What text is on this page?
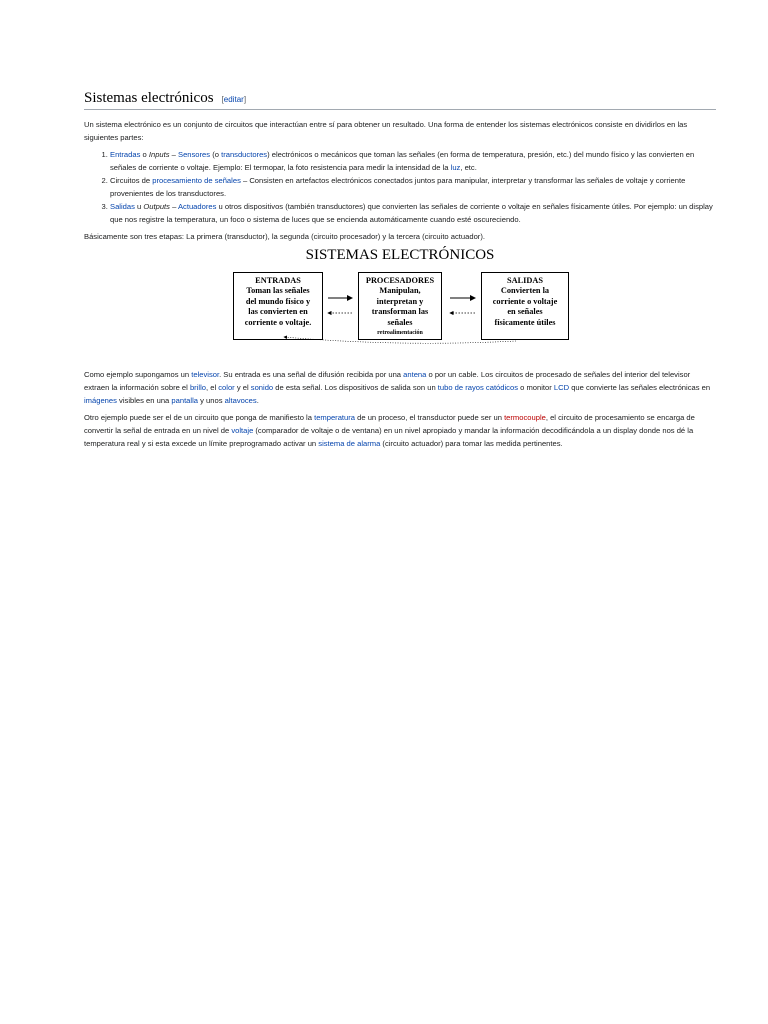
Sistemas electrónicos [editar]

Un sistema electrónico es un conjunto de circuitos que interactúan entre sí para obtener un resultado. Una forma de entender los sistemas electrónicos consiste en dividirlos en las siguientes partes:

1. Entradas o Inputs – Sensores (o transductores) electrónicos o mecánicos que toman las señales (en forma de temperatura, presión, etc.) del mundo físico y las convierten en señales de corriente o voltaje. Ejemplo: El termopar, la foto resistencia para medir la intensidad de la luz, etc.
2. Circuitos de procesamiento de señales – Consisten en artefactos electrónicos conectados juntos para manipular, interpretar y transformar las señales de voltaje y corriente provenientes de los transductores.
3. Salidas u Outputs – Actuadores u otros dispositivos (también transductores) que convierten las señales de corriente o voltaje en señales físicamente útiles. Por ejemplo: un display que nos registre la temperatura, un foco o sistema de luces que se encienda automáticamente cuando esté oscureciendo.

Básicamente son tres etapas: La primera (transductor), la segunda (circuito procesador) y la tercera (circuito actuador).

SISTEMAS ELECTRÓNICOS
ENTRADAS
Toman las señales
del mundo físico y
las convierten en
corriente o voltaje.
PROCESADORES
Manipulan,
interpretan y
transforman las
señales
SALIDAS
Convierten la
corriente o voltaje
en señales
físicamente útiles
retroalimentación

Como ejemplo supongamos un televisor. Su entrada es una señal de difusión recibida por una antena o por un cable. Los circuitos de procesado de señales del interior del televisor extraen la información sobre el brillo, el color y el sonido de esta señal. Los dispositivos de salida son un tubo de rayos catódicos o monitor LCD que convierte las señales electrónicas en imágenes visibles en una pantalla y unos altavoces.

Otro ejemplo puede ser el de un circuito que ponga de manifiesto la temperatura de un proceso, el transductor puede ser un termocouple, el circuito de procesamiento se encarga de convertir la señal de entrada en un nivel de voltaje (comparador de voltaje o de ventana) en un nivel apropiado y mandar la información decodificándola a un display donde nos dé la temperatura real y si esta excede un límite preprogramado activar un sistema de alarma (circuito actuador) para tomar las medida pertinentes.
